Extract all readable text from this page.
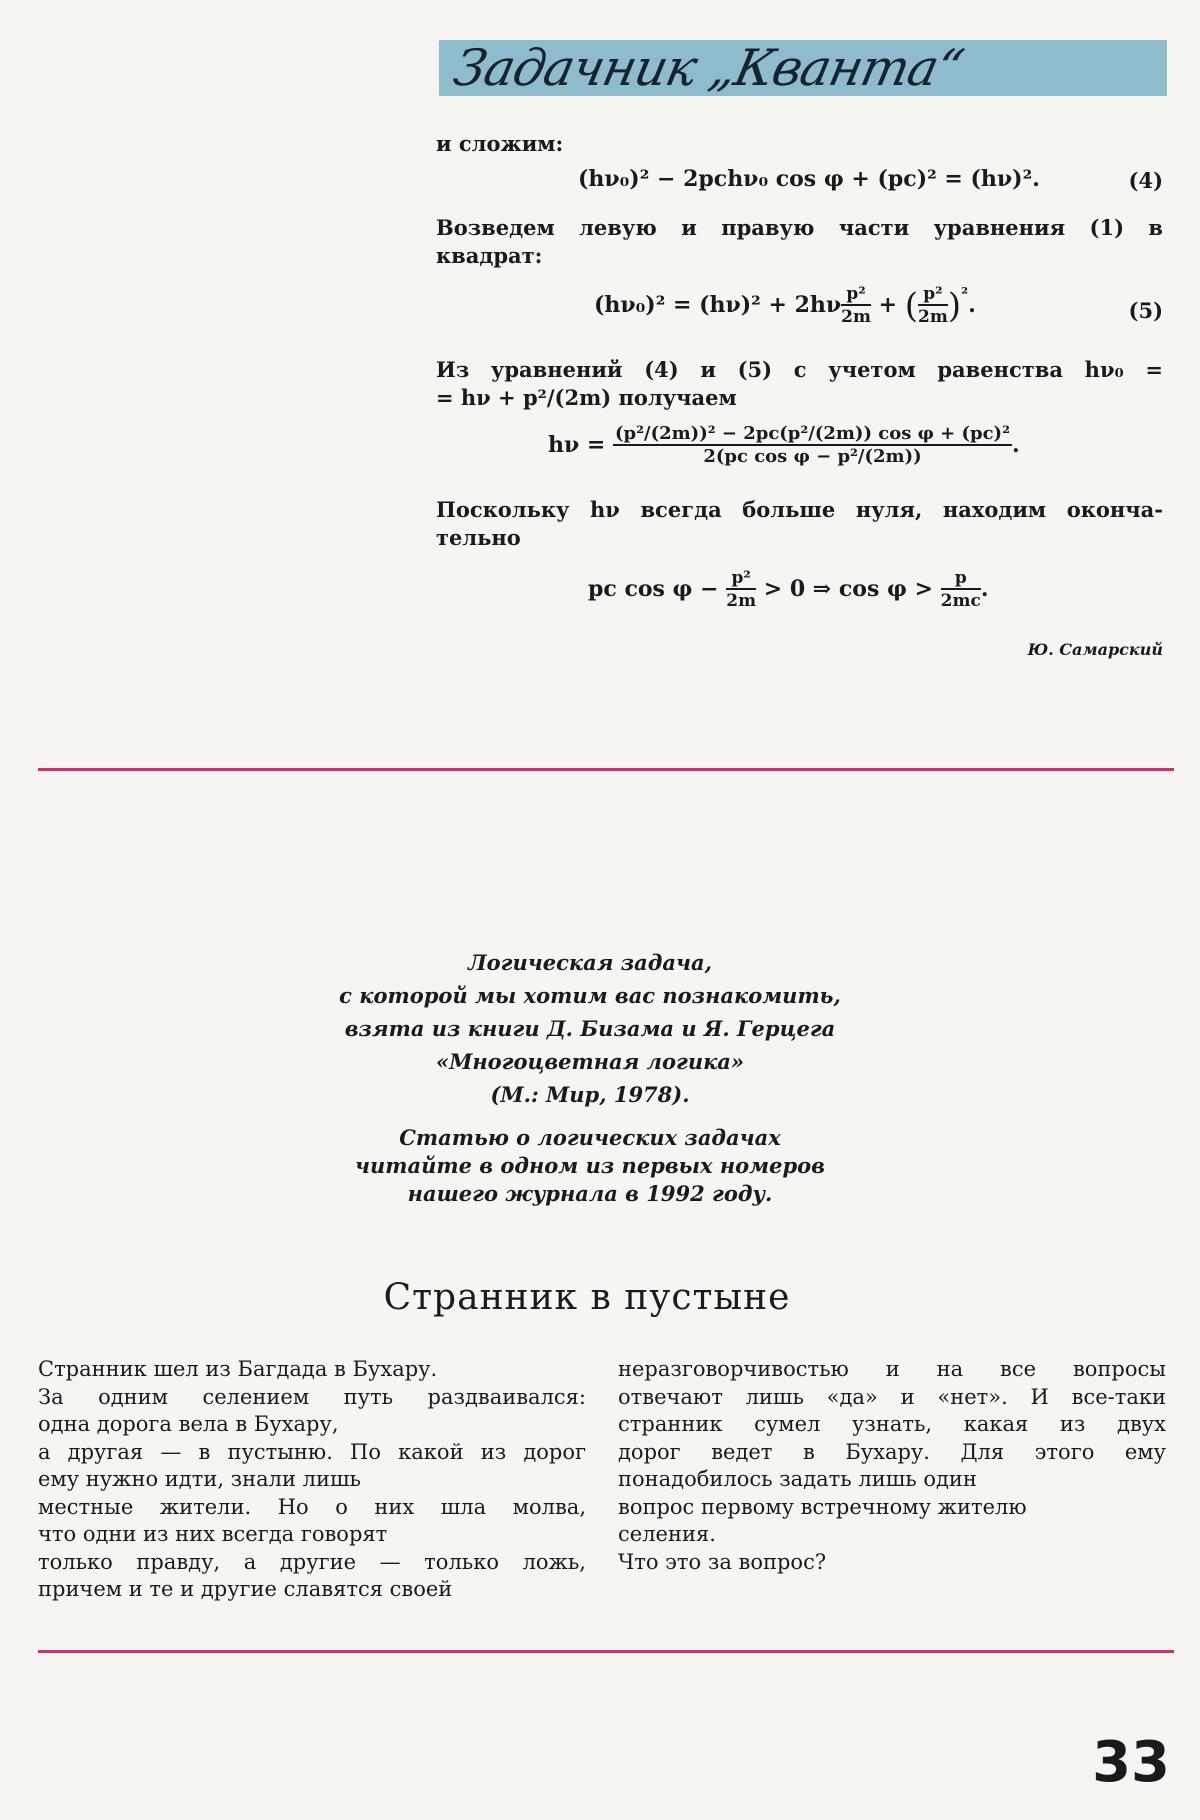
Задачник „Кванта“
и сложим:
(hν₀)² − 2pchν₀ cos φ + (pc)² = (hν)².	(4)
Возведем левую и правую части уравнения (1) в
квадрат:
$(h\nu_0)^2 = (h\nu)^2 + 2h\nu \frac{\text{p²}}{2m}$ + ( $\frac{\text{p²}}{2m} )^{^2}$.	(5)
Из уравнений (4) и (5) с учетом равенства hν₀ =
= hν + p²/(2m) получаем
$h\nu = \frac{\text{(p²/(2m))² − 2pc(p²/(2m)) cos φ + (pc)²}}{\text{2(pc cos φ − p²/(2m))}}$ .
Поскольку hν всегда больше нуля, находим оконча-
тельно
pc $\cos \varphi - \frac{\text{p²}}{2m} > 0$ ⇒ $\cos \varphi > \frac{p}{2mc}$ .
Ю. Самарский
Логическая задача,
с которой мы хотим вас познакомить,
взята из книги Д. Бизама и Я. Герцега
«Многоцветная логика»
(М.: Мир, 1978).
Статью о логических задачах
читайте в одном из первых номеров
нашего журнала в 1992 году.
Странник в пустыне
Странник шел из Багдада в Бухару.
За одним селением путь раздваивался:
одна дорога вела в Бухару,
а другая — в пустыню. По какой из дорог
ему нужно идти, знали лишь
местные жители. Но о них шла молва,
что одни из них всегда говорят
только правду, а другие — только ложь,
причем и те и другие славятся своей
неразговорчивостью и на все вопросы
отвечают лишь «да» и «нет». И все-таки
странник сумел узнать, какая из двух
дорог ведет в Бухару. Для этого ему
понадобилось задать лишь один
вопрос первому встречному жителю
селения.
Что это за вопрос?
33
